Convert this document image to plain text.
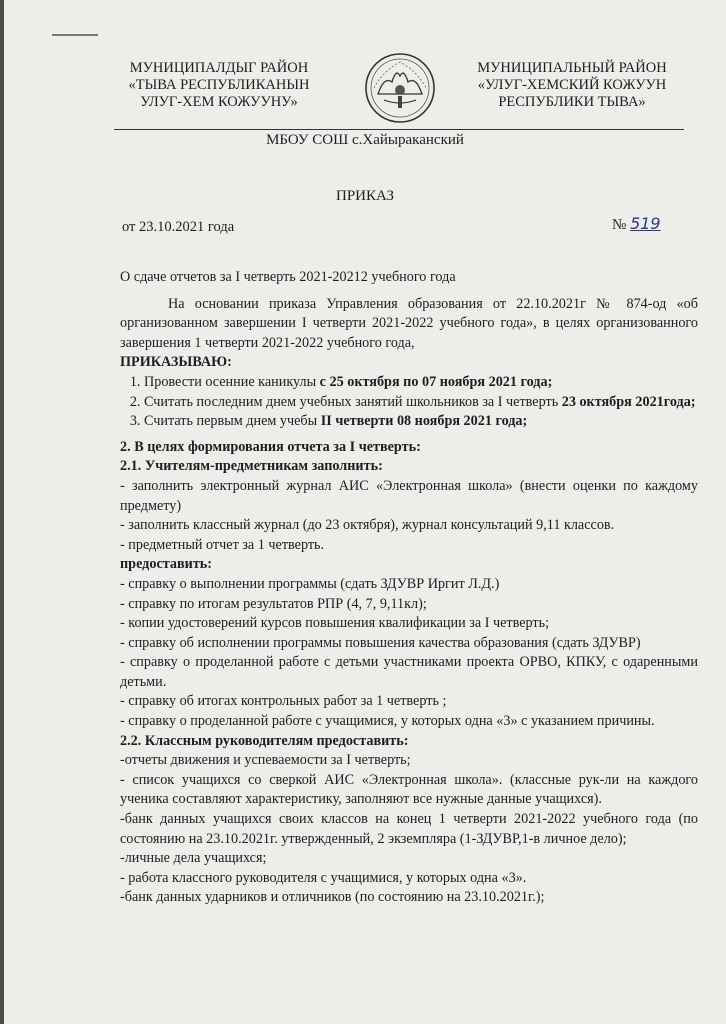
МУНИЦИПАЛДЫГ РАЙОН
«ТЫВА РЕСПУБЛИКАНЫН
УЛУГ-ХЕМ КОЖУУНУ»
МУНИЦИПАЛЬНЫЙ РАЙОН
«УЛУГ-ХЕМСКИЙ КОЖУУН
РЕСПУБЛИКИ ТЫВА»
МБОУ СОШ с.Хайыраканский
ПРИКАЗ
от 23.10.2021 года	№ 519

О сдаче отчетов за I четверть 2021-20212 учебного года

На основании приказа Управления образования от 22.10.2021г № 874-од «об организованном завершении I четверти 2021-2022 учебного года», в целях организованного завершения 1 четверти 2021-2022 учебного года,

ПРИКАЗЫВАЮ:

1. Провести осенние каникулы с 25 октября по 07 ноября 2021 года;
2. Считать последним днем учебных занятий школьников за I четверть 23 октября 2021года;
3. Считать первым днем учебы II четверти 08 ноября 2021 года;

2. В целях формирования отчета за I четверть:

2.1. Учителям-предметникам заполнить:

- заполнить электронный журнал АИС «Электронная школа» (внести оценки по каждому предмету)

- заполнить классный журнал (до 23 октября), журнал консультаций 9,11 классов.

- предметный отчет за 1 четверть.

предоставить:

- справку о выполнении программы (сдать ЗДУВР Иргит Л.Д.)

- справку по итогам результатов РПР (4, 7, 9,11кл);

- копии удостоверений курсов повышения квалификации за I четверть;

- справку об исполнении программы повышения качества образования (сдать ЗДУВР)

- справку о проделанной работе с детьми участниками проекта ОРВО, КПКУ, с одаренными детьми.

- справку об итогах контрольных работ за 1 четверть ;

- справку о проделанной работе с учащимися, у которых одна «3» с указанием причины.

2.2. Классным руководителям предоставить:

-отчеты движения и успеваемости за I четверть;

- список учащихся со сверкой АИС «Электронная школа». (классные рук-ли на каждого ученика составляют характеристику, заполняют все нужные данные учащихся).

-банк данных учащихся своих классов на конец 1 четверти 2021-2022 учебного года (по состоянию на 23.10.2021г. утвержденный, 2 экземпляра (1-ЗДУВР,1-в личное дело);

-личные дела учащихся;

- работа классного руководителя с учащимися, у которых одна «3».

-банк данных ударников и отличников (по состоянию на 23.10.2021г.);
